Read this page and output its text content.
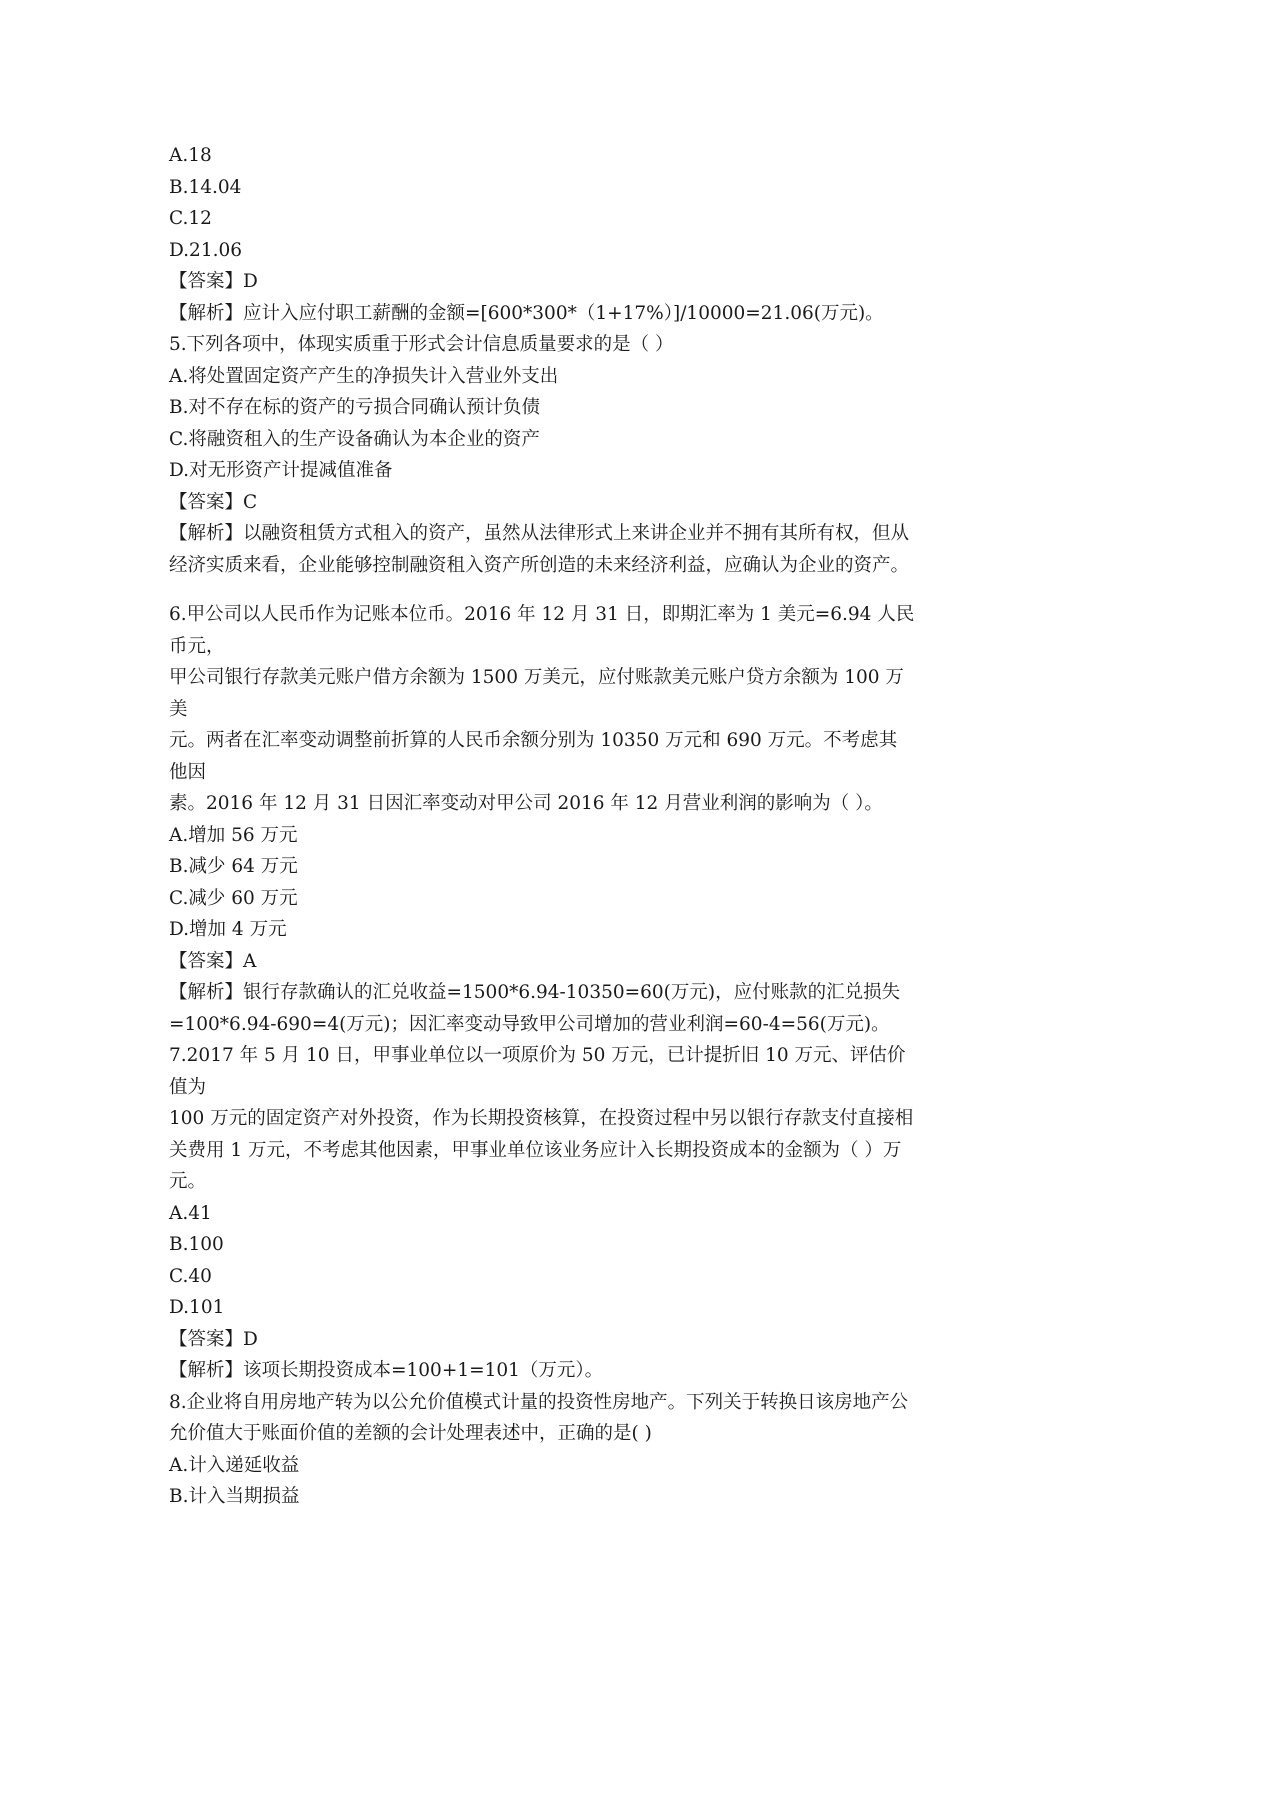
A.18
B.14.04
C.12
D.21.06
【答案】D
【解析】应计入应付职工薪酬的金额=[600*300*（1+17%）]/10000=21.06(万元)。
5.下列各项中，体现实质重于形式会计信息质量要求的是（ ）
A.将处置固定资产产生的净损失计入营业外支出
B.对不存在标的资产的亏损合同确认预计负债
C.将融资租入的生产设备确认为本企业的资产
D.对无形资产计提减值准备
【答案】C
【解析】以融资租赁方式租入的资产，虽然从法律形式上来讲企业并不拥有其所有权，但从
经济实质来看，企业能够控制融资租入资产所创造的未来经济利益，应确认为企业的资产。
6.甲公司以人民币作为记账本位币。2016 年 12 月 31 日，即期汇率为 1 美元=6.94 人民
币元，
甲公司银行存款美元账户借方余额为 1500 万美元，应付账款美元账户贷方余额为 100 万
美
元。两者在汇率变动调整前折算的人民币余额分别为 10350 万元和 690 万元。不考虑其
他因
素。2016 年 12 月 31 日因汇率变动对甲公司 2016 年 12 月营业利润的影响为（ ）。
A.增加 56 万元
B.减少 64 万元
C.减少 60 万元
D.增加 4 万元
【答案】A
【解析】银行存款确认的汇兑收益=1500*6.94-10350=60(万元)，应付账款的汇兑损失
=100*6.94-690=4(万元)；因汇率变动导致甲公司增加的营业利润=60-4=56(万元)。
7.2017 年 5 月 10 日，甲事业单位以一项原价为 50 万元，已计提折旧 10 万元、评估价
值为
100 万元的固定资产对外投资，作为长期投资核算，在投资过程中另以银行存款支付直接相
关费用 1 万元，不考虑其他因素，甲事业单位该业务应计入长期投资成本的金额为（ ）万
元。
A.41
B.100
C.40
D.101
【答案】D
【解析】该项长期投资成本=100+1=101（万元）。
8.企业将自用房地产转为以公允价值模式计量的投资性房地产。下列关于转换日该房地产公
允价值大于账面价值的差额的会计处理表述中，正确的是( )
A.计入递延收益
B.计入当期损益
